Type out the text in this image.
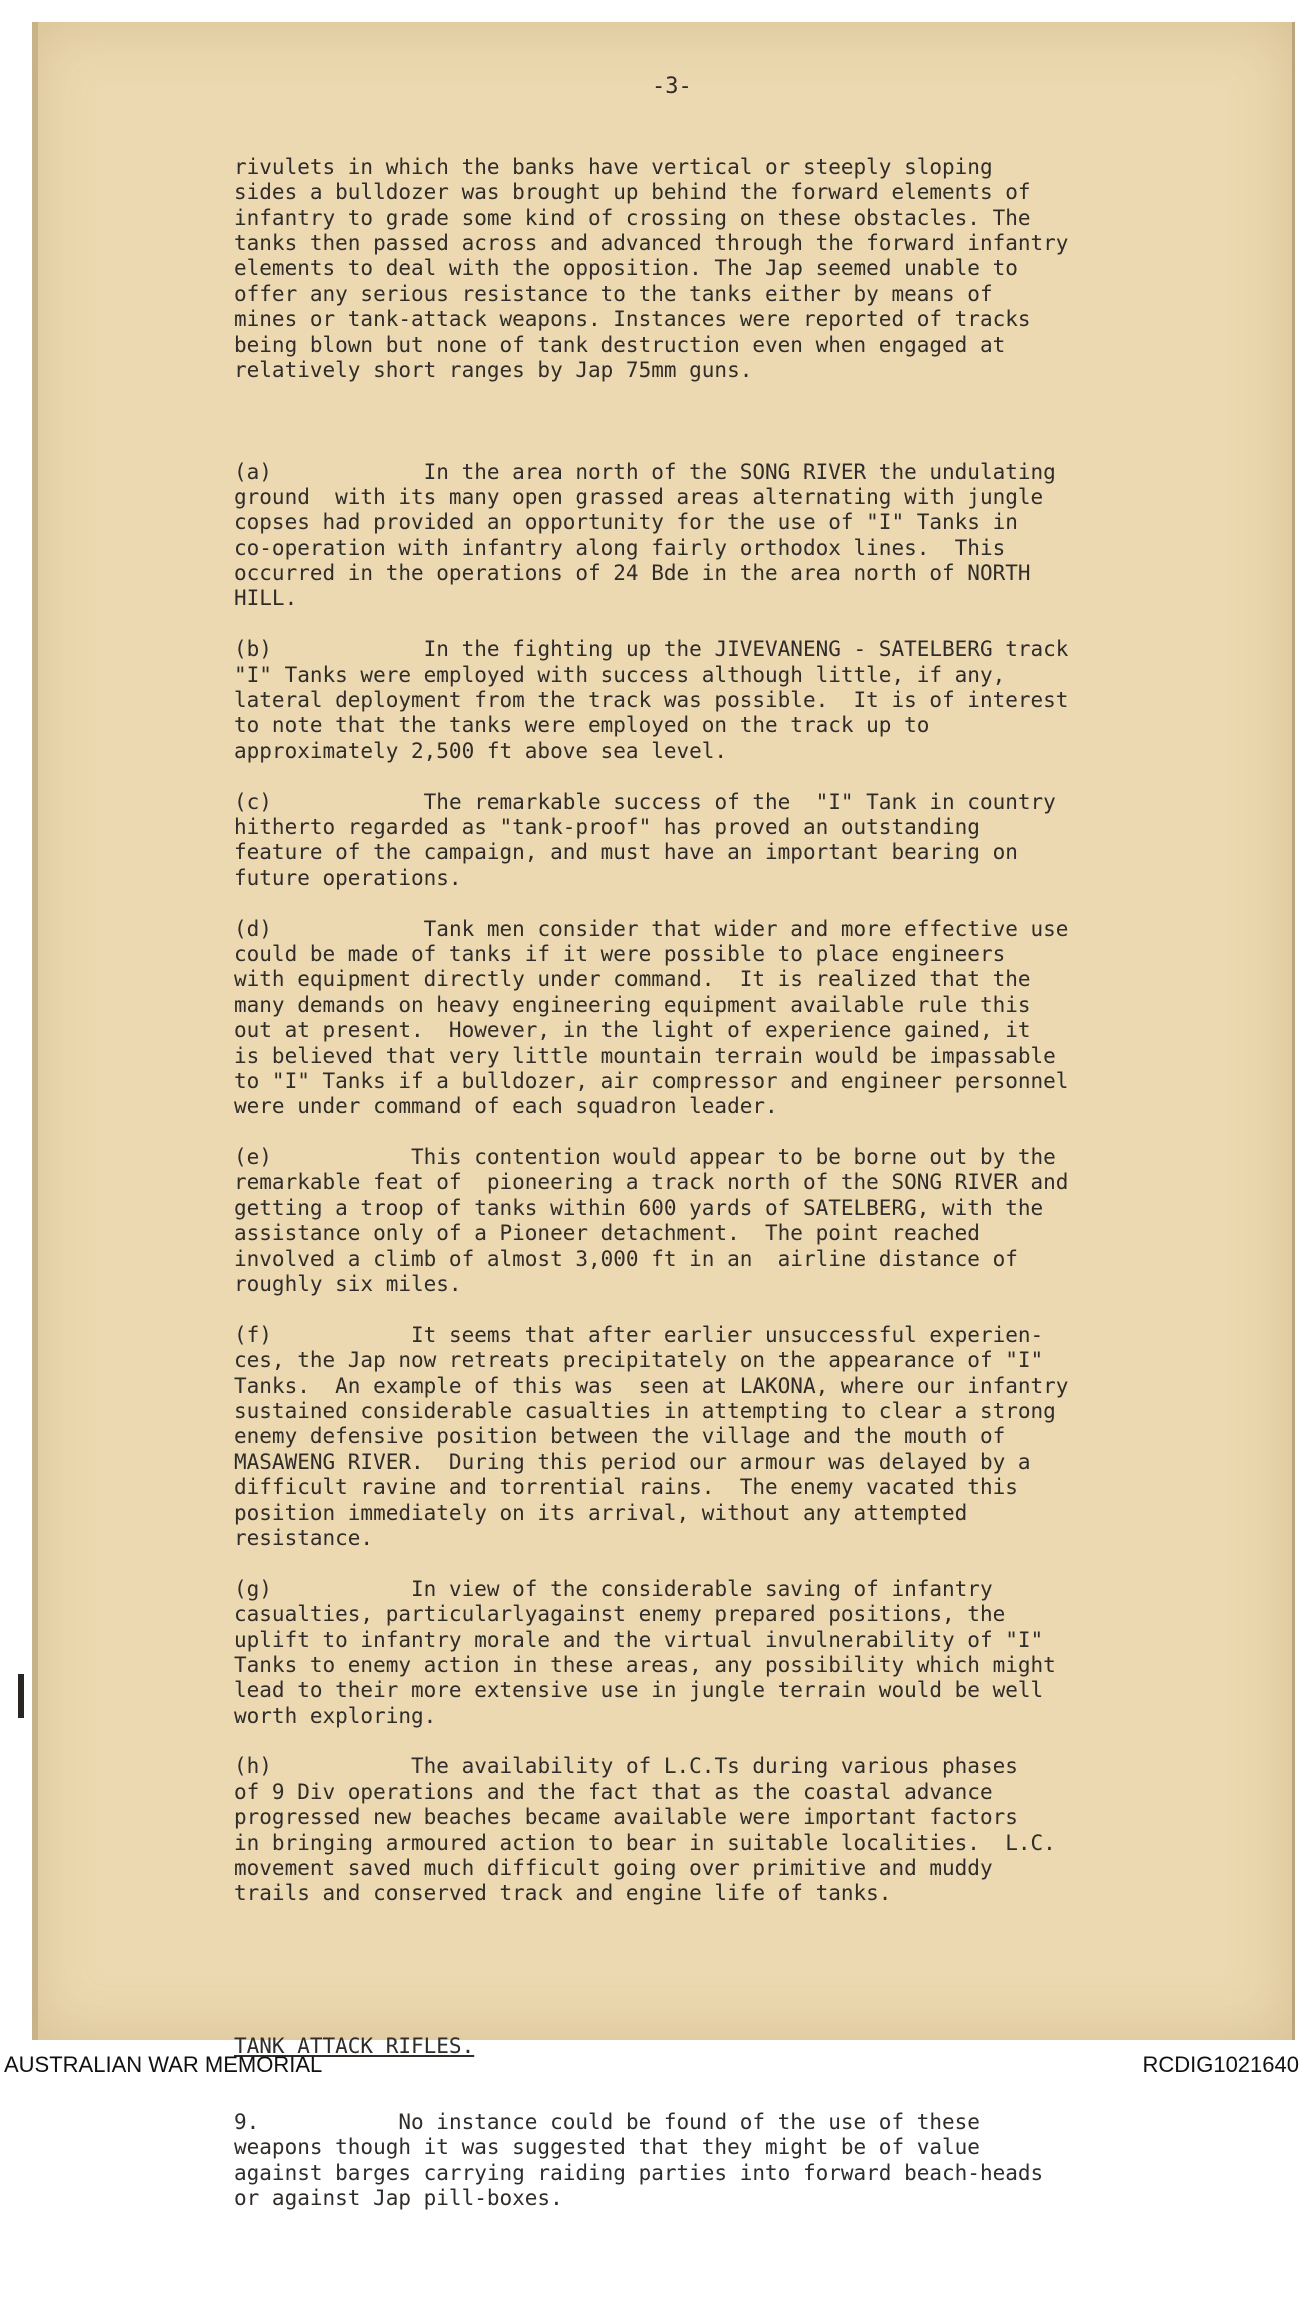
-3-

rivulets in which the banks have vertical or steeply sloping
sides a bulldozer was brought up behind the forward elements of
infantry to grade some kind of crossing on these obstacles. The
tanks then passed across and advanced through the forward infantry
elements to deal with the opposition. The Jap seemed unable to
offer any serious resistance to the tanks either by means of
mines or tank-attack weapons. Instances were reported of tracks
being blown but none of tank destruction even when engaged at
relatively short ranges by Jap 75mm guns.

(a)            In the area north of the SONG RIVER the undulating
ground  with its many open grassed areas alternating with jungle
copses had provided an opportunity for the use of "I" Tanks in
co-operation with infantry along fairly orthodox lines.  This
occurred in the operations of 24 Bde in the area north of NORTH
HILL.
(b)            In the fighting up the JIVEVANENG - SATELBERG track
"I" Tanks were employed with success although little, if any,
lateral deployment from the track was possible.  It is of interest
to note that the tanks were employed on the track up to
approximately 2,500 ft above sea level.
(c)            The remarkable success of the  "I" Tank in country
hitherto regarded as "tank-proof" has proved an outstanding
feature of the campaign, and must have an important bearing on
future operations.
(d)            Tank men consider that wider and more effective use
could be made of tanks if it were possible to place engineers
with equipment directly under command.  It is realized that the
many demands on heavy engineering equipment available rule this
out at present.  However, in the light of experience gained, it
is believed that very little mountain terrain would be impassable
to "I" Tanks if a bulldozer, air compressor and engineer personnel
were under command of each squadron leader.
(e)           This contention would appear to be borne out by the
remarkable feat of  pioneering a track north of the SONG RIVER and
getting a troop of tanks within 600 yards of SATELBERG, with the
assistance only of a Pioneer detachment.  The point reached
involved a climb of almost 3,000 ft in an  airline distance of
roughly six miles.
(f)           It seems that after earlier unsuccessful experien-
ces, the Jap now retreats precipitately on the appearance of "I"
Tanks.  An example of this was  seen at LAKONA, where our infantry
sustained considerable casualties in attempting to clear a strong
enemy defensive position between the village and the mouth of
MASAWENG RIVER.  During this period our armour was delayed by a
difficult ravine and torrential rains.  The enemy vacated this
position immediately on its arrival, without any attempted
resistance.
(g)           In view of the considerable saving of infantry
casualties, particularlyagainst enemy prepared positions, the
uplift to infantry morale and the virtual invulnerability of "I"
Tanks to enemy action in these areas, any possibility which might
lead to their more extensive use in jungle terrain would be well
worth exploring.
(h)           The availability of L.C.Ts during various phases
of 9 Div operations and the fact that as the coastal advance
progressed new beaches became available were important factors
in bringing armoured action to bear in suitable localities.  L.C.
movement saved much difficult going over primitive and muddy
trails and conserved track and engine life of tanks.

TANK ATTACK RIFLES.

9.           No instance could be found of the use of these
weapons though it was suggested that they might be of value
against barges carrying raiding parties into forward beach-heads
or against Jap pill-boxes.

AUSTRALIAN WAR MEMORIAL	RCDIG1021640
